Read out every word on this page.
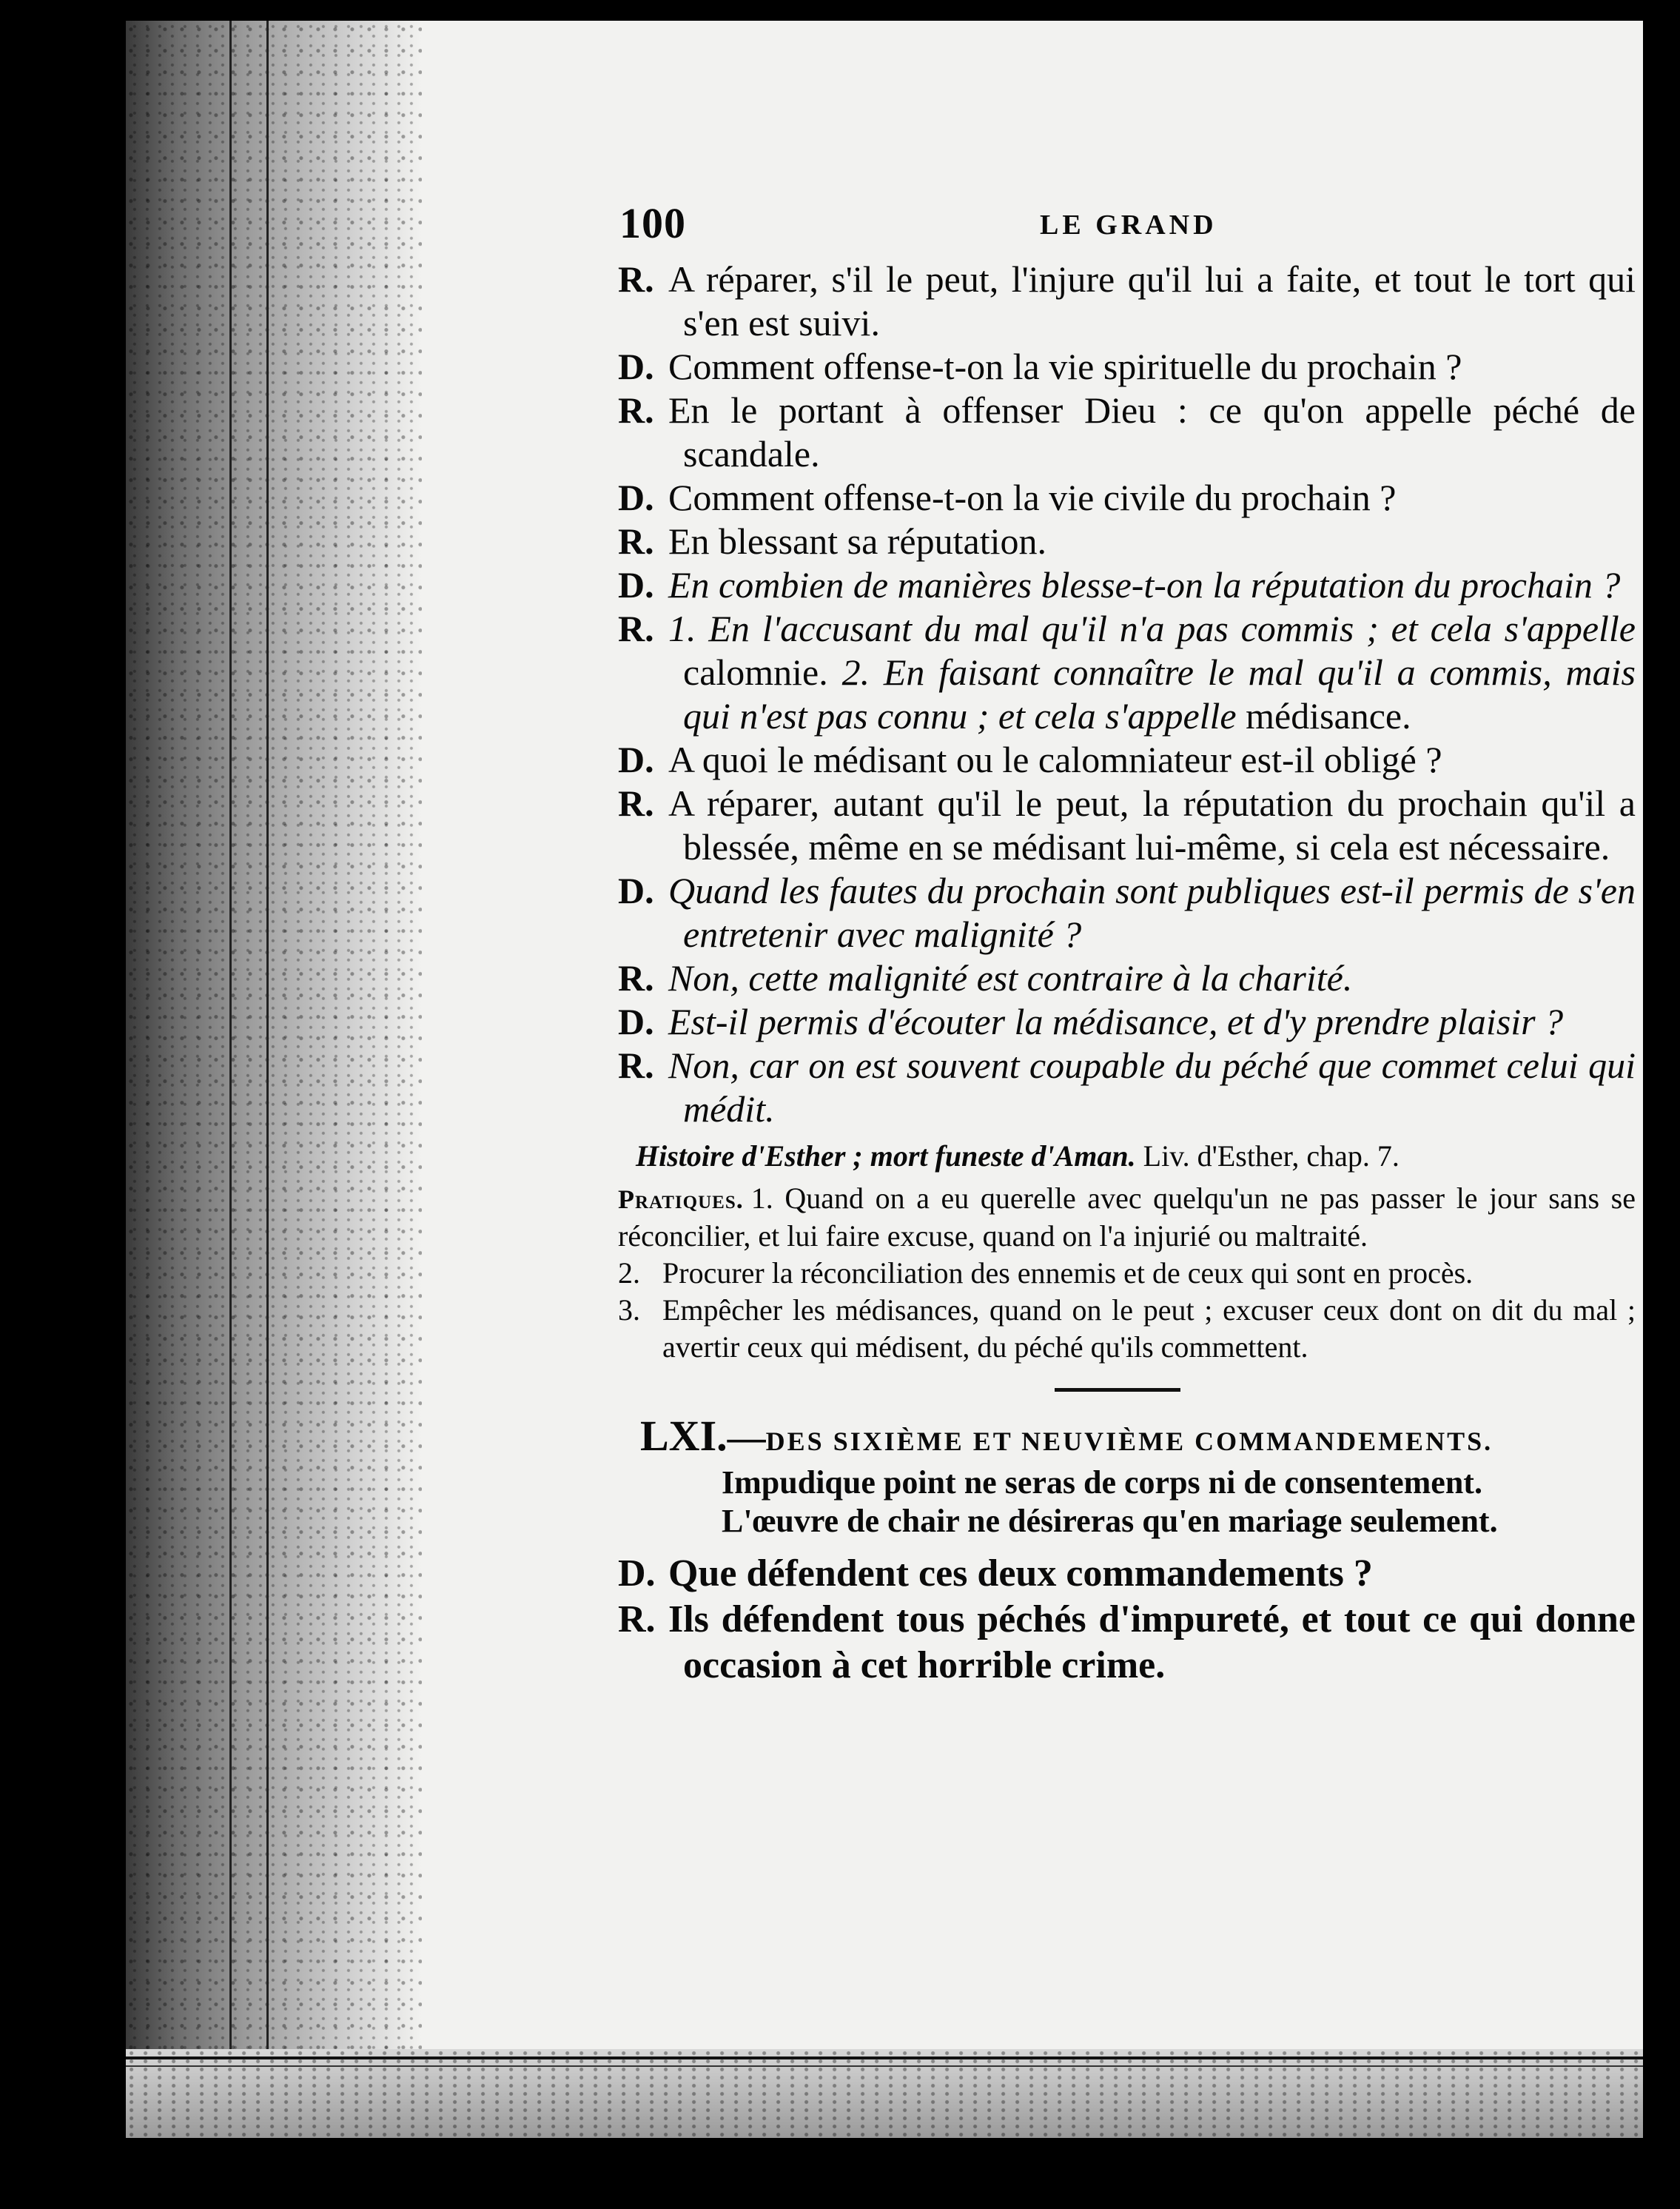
100	LE GRAND
R. A réparer, s'il le peut, l'injure qu'il lui a faite, et tout le tort qui s'en est suivi.
D. Comment offense-t-on la vie spirituelle du prochain ?
R. En le portant à offenser Dieu : ce qu'on appelle péché de scandale.
D. Comment offense-t-on la vie civile du prochain ?
R. En blessant sa réputation.
D. En combien de manières blesse-t-on la réputation du prochain ?
R. 1. En l'accusant du mal qu'il n'a pas commis ; et cela s'appelle calomnie. 2. En faisant connaître le mal qu'il a commis, mais qui n'est pas connu ; et cela s'appelle médisance.
D. A quoi le médisant ou le calomniateur est-il obligé ?
R. A réparer, autant qu'il le peut, la réputation du prochain qu'il a blessée, même en se médisant lui-même, si cela est nécessaire.
D. Quand les fautes du prochain sont publiques est-il permis de s'en entretenir avec malignité ?
R. Non, cette malignité est contraire à la charité.
D. Est-il permis d'écouter la médisance, et d'y prendre plaisir ?
R. Non, car on est souvent coupable du péché que commet celui qui médit.
Histoire d'Esther ; mort funeste d'Aman. Liv. d'Esther, chap. 7.
Pratiques. 1. Quand on a eu querelle avec quelqu'un ne pas passer le jour sans se réconcilier, et lui faire excuse, quand on l'a injurié ou maltraité.
2. Procurer la réconciliation des ennemis et de ceux qui sont en procès.
3. Empêcher les médisances, quand on le peut ; excuser ceux dont on dit du mal ; avertir ceux qui médisent, du péché qu'ils commettent.
LXI.—DES SIXIÈME ET NEUVIÈME COMMANDEMENTS.
Impudique point ne seras de corps ni de consentement.
L'œuvre de chair ne désireras qu'en mariage seulement.
D. Que défendent ces deux commandements ?
R. Ils défendent tous péchés d'impureté, et tout ce qui donne occasion à cet horrible crime.
